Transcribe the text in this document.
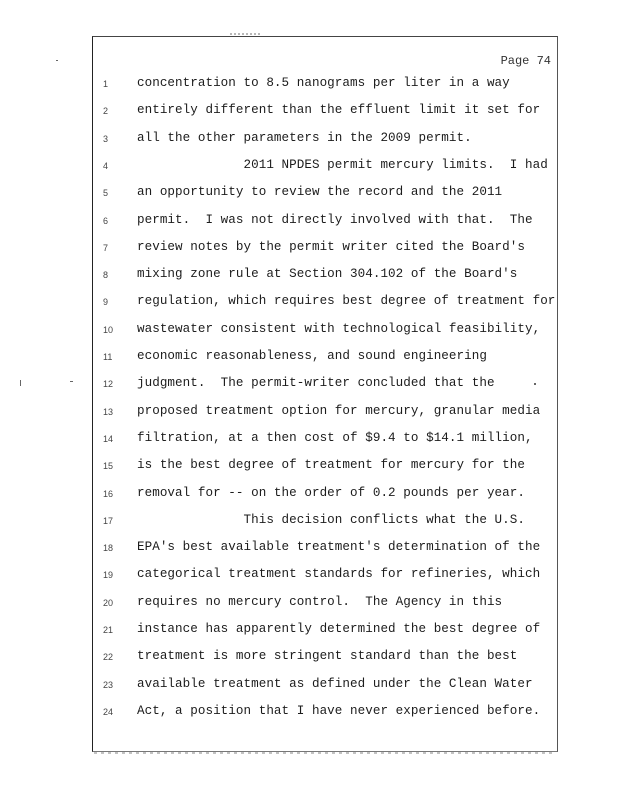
Page 74
1	concentration to 8.5 nanograms per liter in a way
2	entirely different than the effluent limit it set for
3	all the other parameters in the 2009 permit.
4	2011 NPDES permit mercury limits.  I had
5	an opportunity to review the record and the 2011
6	permit.  I was not directly involved with that.  The
7	review notes by the permit writer cited the Board's
8	mixing zone rule at Section 304.102 of the Board's
9	regulation, which requires best degree of treatment for
10	wastewater consistent with technological feasibility,
11	economic reasonableness, and sound engineering
12	judgment.  The permit-writer concluded that the
13	proposed treatment option for mercury, granular media
14	filtration, at a then cost of $9.4 to $14.1 million,
15	is the best degree of treatment for mercury for the
16	removal for -- on the order of 0.2 pounds per year.
17	This decision conflicts what the U.S.
18	EPA's best available treatment's determination of the
19	categorical treatment standards for refineries, which
20	requires no mercury control.  The Agency in this
21	instance has apparently determined the best degree of
22	treatment is more stringent standard than the best
23	available treatment as defined under the Clean Water
24	Act, a position that I have never experienced before.
